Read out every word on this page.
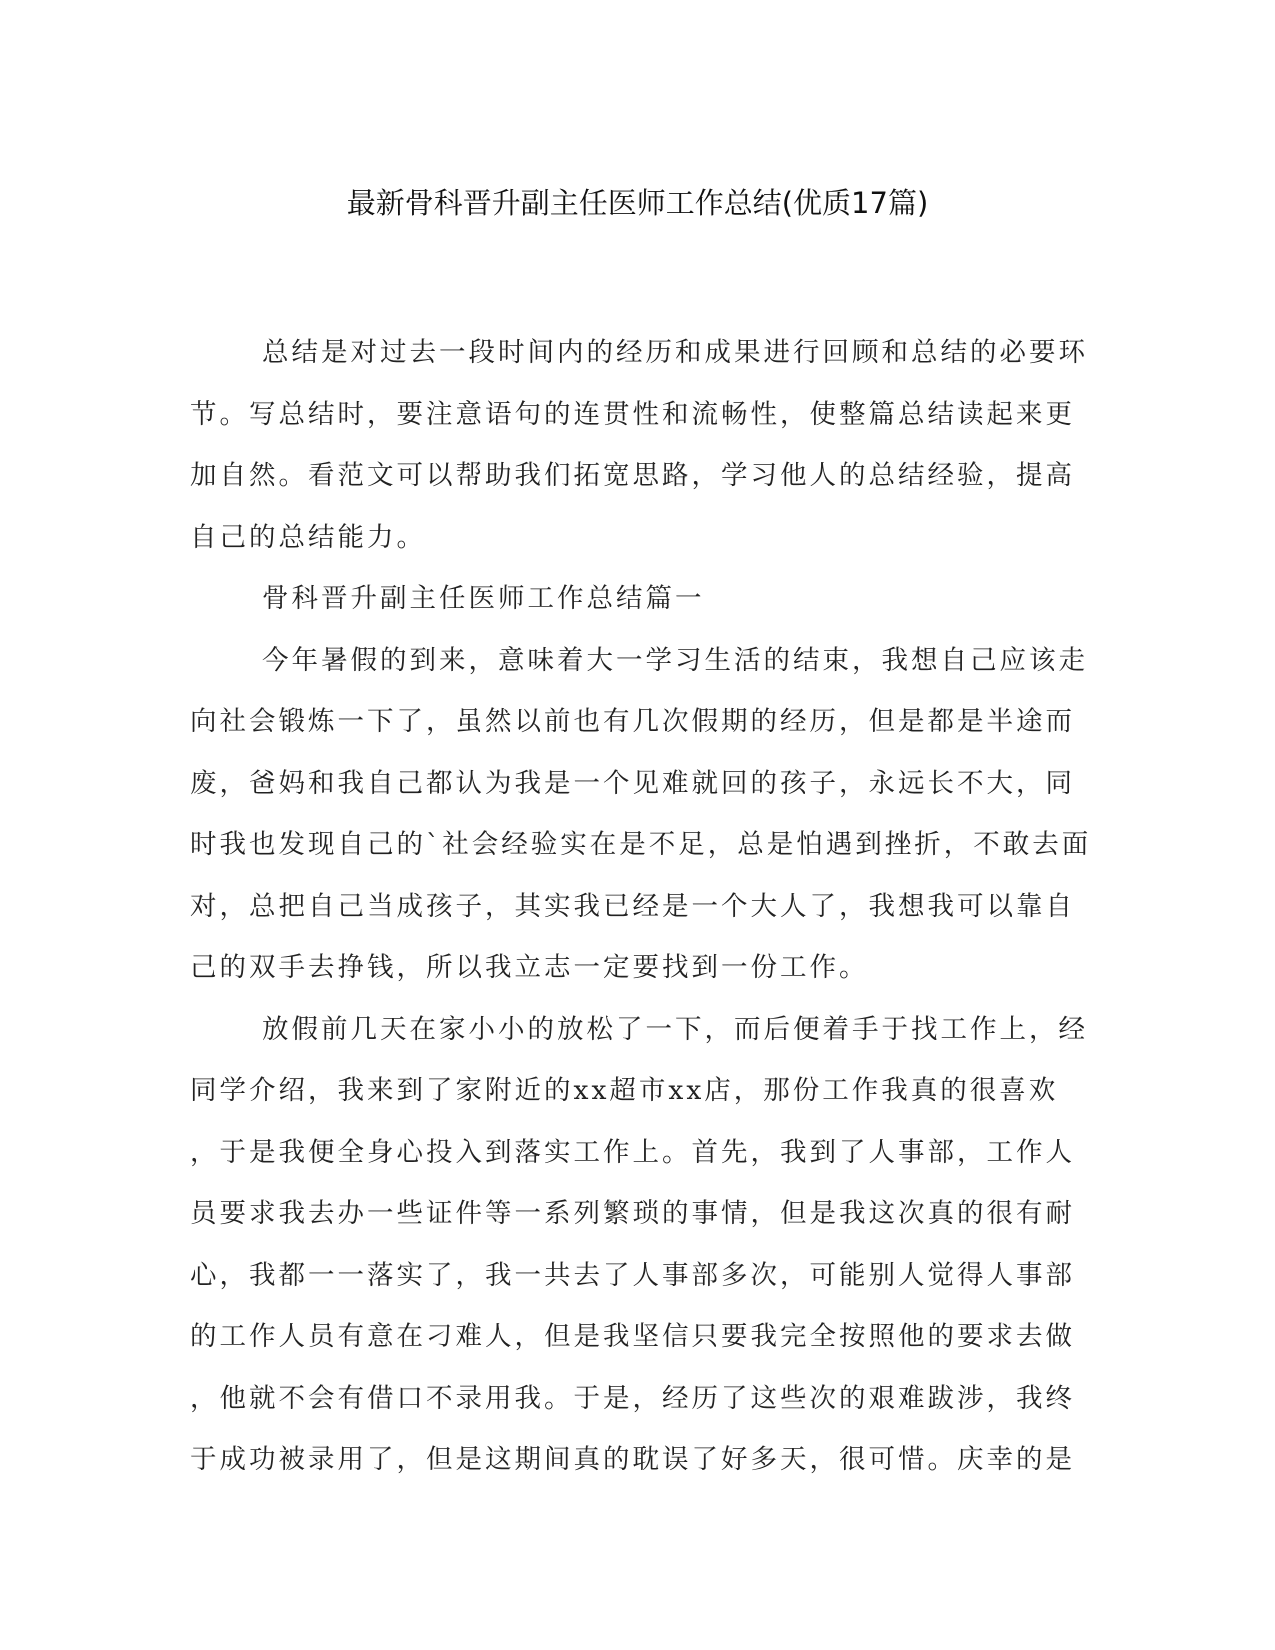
最新骨科晋升副主任医师工作总结(优质17篇)
总结是对过去一段时间内的经历和成果进行回顾和总结的必要环
节。写总结时，要注意语句的连贯性和流畅性，使整篇总结读起来更
加自然。看范文可以帮助我们拓宽思路，学习他人的总结经验，提高
自己的总结能力。
骨科晋升副主任医师工作总结篇一
今年暑假的到来，意味着大一学习生活的结束，我想自己应该走
向社会锻炼一下了，虽然以前也有几次假期的经历，但是都是半途而
废，爸妈和我自己都认为我是一个见难就回的孩子，永远长不大，同
时我也发现自己的`社会经验实在是不足，总是怕遇到挫折，不敢去面
对，总把自己当成孩子，其实我已经是一个大人了，我想我可以靠自
己的双手去挣钱，所以我立志一定要找到一份工作。
放假前几天在家小小的放松了一下，而后便着手于找工作上，经
同学介绍，我来到了家附近的xx超市xx店，那份工作我真的很喜欢
，于是我便全身心投入到落实工作上。首先，我到了人事部，工作人
员要求我去办一些证件等一系列繁琐的事情，但是我这次真的很有耐
心，我都一一落实了，我一共去了人事部多次，可能别人觉得人事部
的工作人员有意在刁难人，但是我坚信只要我完全按照他的要求去做
，他就不会有借口不录用我。于是，经历了这些次的艰难跋涉，我终
于成功被录用了，但是这期间真的耽误了好多天，很可惜。庆幸的是
